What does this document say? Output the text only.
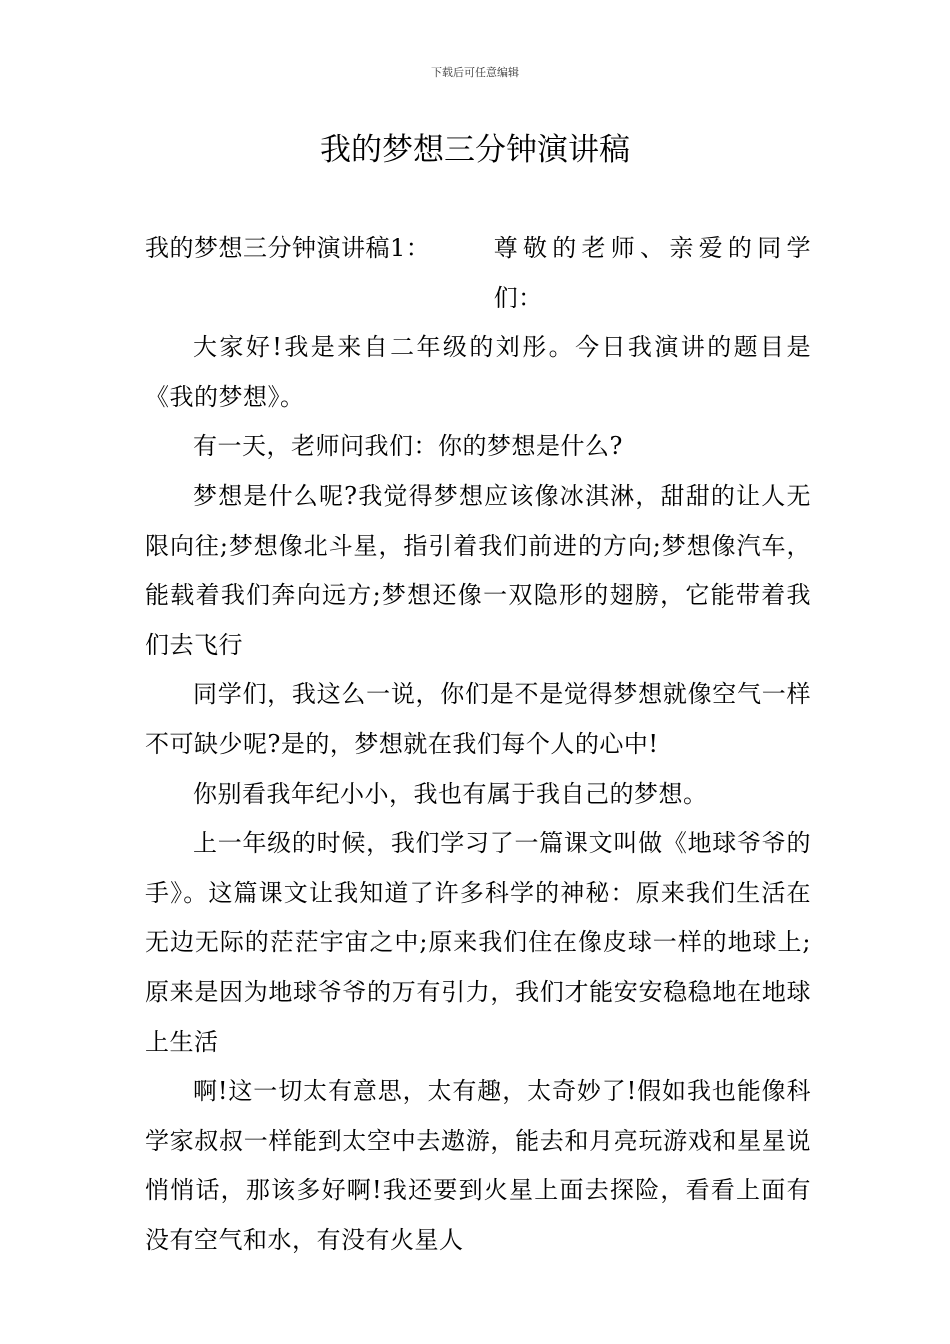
下载后可任意编辑
我的梦想三分钟演讲稿

我的梦想三分钟演讲稿1：	尊敬的老师、亲爱的同学们：

大家好!我是来自二年级的刘彤。今日我演讲的题目是《我的梦想》。

有一天，老师问我们：你的梦想是什么?

梦想是什么呢?我觉得梦想应该像冰淇淋，甜甜的让人无限向往;梦想像北斗星，指引着我们前进的方向;梦想像汽车，能载着我们奔向远方;梦想还像一双隐形的翅膀，它能带着我们去飞行

同学们，我这么一说，你们是不是觉得梦想就像空气一样不可缺少呢?是的，梦想就在我们每个人的心中!

你别看我年纪小小，我也有属于我自己的梦想。

上一年级的时候，我们学习了一篇课文叫做《地球爷爷的手》。这篇课文让我知道了许多科学的神秘：原来我们生活在无边无际的茫茫宇宙之中;原来我们住在像皮球一样的地球上;原来是因为地球爷爷的万有引力，我们才能安安稳稳地在地球上生活

啊!这一切太有意思，太有趣，太奇妙了!假如我也能像科学家叔叔一样能到太空中去遨游，能去和月亮玩游戏和星星说悄悄话，那该多好啊!我还要到火星上面去探险，看看上面有没有空气和水，有没有火星人
